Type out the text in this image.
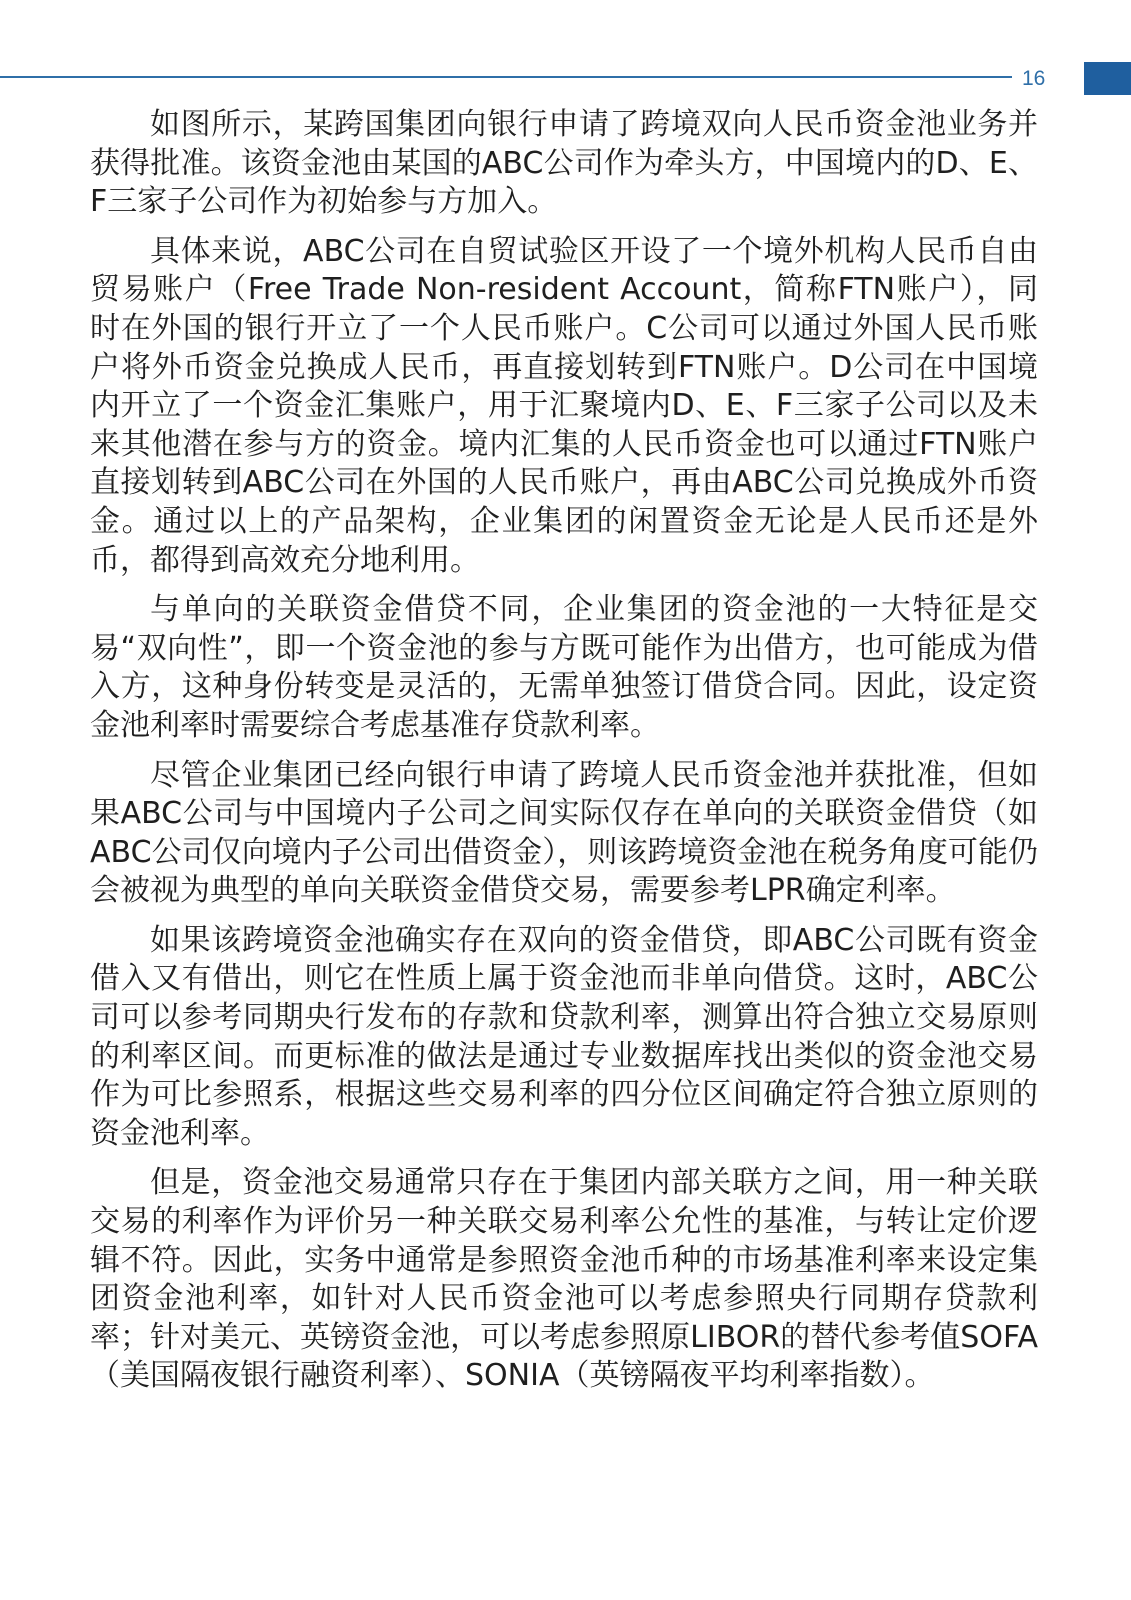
16

如图所示，某跨国集团向银行申请了跨境双向人民币资金池业务并获得批准。该资金池由某国的ABC公司作为牵头方，中国境内的D、E、F三家子公司作为初始参与方加入。

具体来说，ABC公司在自贸试验区开设了一个境外机构人民币自由贸易账户（Free Trade Non-resident Account，简称FTN账户），同时在外国的银行开立了一个人民币账户。C公司可以通过外国人民币账户将外币资金兑换成人民币，再直接划转到FTN账户。D公司在中国境内开立了一个资金汇集账户，用于汇聚境内D、E、F三家子公司以及未来其他潜在参与方的资金。境内汇集的人民币资金也可以通过FTN账户直接划转到ABC公司在外国的人民币账户，再由ABC公司兑换成外币资金。通过以上的产品架构，企业集团的闲置资金无论是人民币还是外币，都得到高效充分地利用。

与单向的关联资金借贷不同，企业集团的资金池的一大特征是交易“双向性”，即一个资金池的参与方既可能作为出借方，也可能成为借入方，这种身份转变是灵活的，无需单独签订借贷合同。因此，设定资金池利率时需要综合考虑基准存贷款利率。

尽管企业集团已经向银行申请了跨境人民币资金池并获批准，但如果ABC公司与中国境内子公司之间实际仅存在单向的关联资金借贷（如ABC公司仅向境内子公司出借资金），则该跨境资金池在税务角度可能仍会被视为典型的单向关联资金借贷交易，需要参考LPR确定利率。

如果该跨境资金池确实存在双向的资金借贷，即ABC公司既有资金借入又有借出，则它在性质上属于资金池而非单向借贷。这时，ABC公司可以参考同期央行发布的存款和贷款利率，测算出符合独立交易原则的利率区间。而更标准的做法是通过专业数据库找出类似的资金池交易作为可比参照系，根据这些交易利率的四分位区间确定符合独立原则的资金池利率。

但是，资金池交易通常只存在于集团内部关联方之间，用一种关联交易的利率作为评价另一种关联交易利率公允性的基准，与转让定价逻辑不符。因此，实务中通常是参照资金池币种的市场基准利率来设定集团资金池利率，如针对人民币资金池可以考虑参照央行同期存贷款利率；针对美元、英镑资金池，可以考虑参照原LIBOR的替代参考值SOFA（美国隔夜银行融资利率）、SONIA（英镑隔夜平均利率指数）。
